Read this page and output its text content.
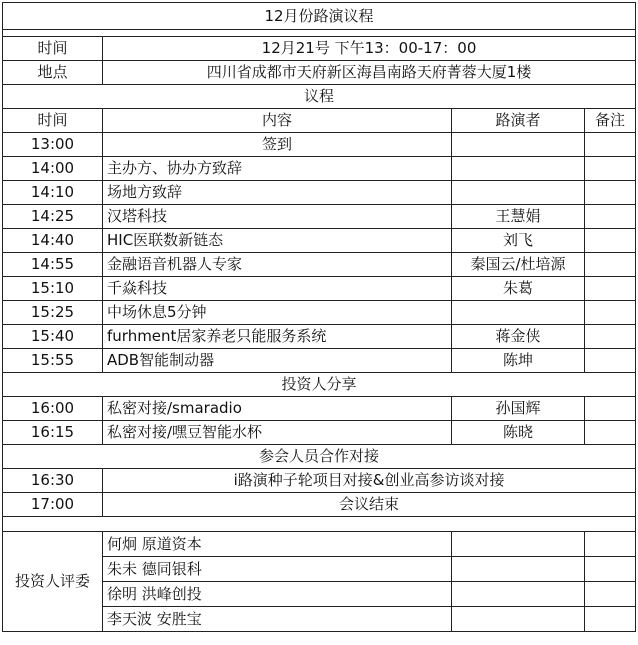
12月份路演议程			

时间	12月21号 下午13：00-17：00		
地点	四川省成都市天府新区海昌南路天府菁蓉大厦1楼		
议程			
时间	内容	路演者	备注
13:00	签到		
14:00	主办方、协办方致辞		
14:10	场地方致辞		
14:25	汉塔科技	王慧娟	
14:40	HIC医联数新链态	刘飞	
14:55	金融语音机器人专家	秦国云/杜培源	
15:10	千焱科技	朱葛	
15:25	中场休息5分钟		
15:40	furhment居家养老只能服务系统	蒋金侠	
15:55	ADB智能制动器	陈坤	
投资人分享			
16:00	私密对接/smaradio	孙国辉	
16:15	私密对接/嘿豆智能水杯	陈晓	
参会人员合作对接			
16:30	i路演种子轮项目对接&创业高参访谈对接		
17:00	会议结束		

投资人评委	何炯 原道资本		
	朱未 德同银科		
	徐明 洪峰创投		
	李天波 安胜宝		
